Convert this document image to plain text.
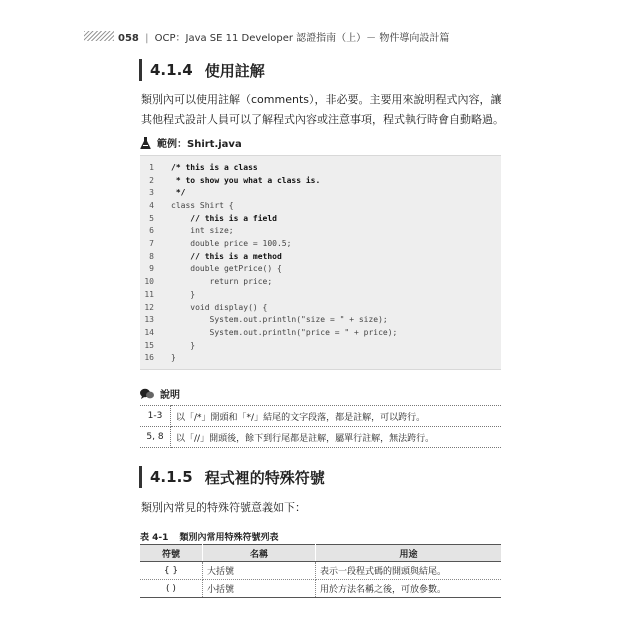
058 | OCP：Java SE 11 Developer 認證指南（上）－ 物件導向設計篇
4.1.4 使用註解
類別內可以使用註解（comments），非必要。主要用來說明程式內容，讓其他程式設計人員可以了解程式內容或注意事項，程式執行時會自動略過。
範例：Shirt.java
1 /* this is a class
2 * to show you what a class is.
3 */
4 class Shirt {
5 // this is a field
6 int size;
7 double price = 100.5;
8 // this is a method
9 double getPrice() {
10 return price;
11 }
12 void display() {
13 System.out.println("size = " + size);
14 System.out.println("price = " + price);
15 }
16 }
說明
1-3	以「/*」開頭和「*/」結尾的文字段落，都是註解，可以跨行。
5, 8	以「//」開頭後，餘下到行尾都是註解，屬單行註解，無法跨行。
4.1.5 程式裡的特殊符號
類別內常見的特殊符號意義如下：
表 4-1 類別內常用特殊符號列表
符號	名稱	用途
{ }	大括號	表示一段程式碼的開頭與結尾。
( )	小括號	用於方法名稱之後，可放參數。
